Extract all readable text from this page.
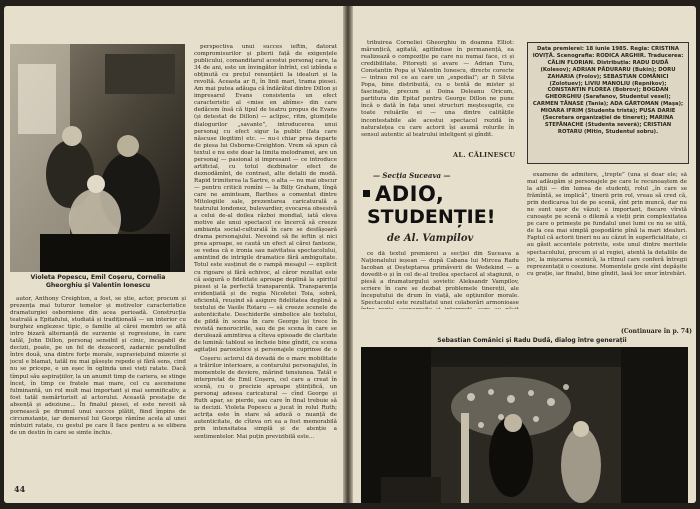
Violeta Popescu, Emil Coșeru, Cornelia Gheorghiu și Valentin Ionescu

perspectiva unui succes ieftin, datorat compromisurilor și plierii față de exigențele publicului, comanditarul acestui personaj care, la 34 de ani, este un învingător înfrînt, cel izbînda e obținută cu prețul renunțării la idealuri și la revoltă. Aceasta ar fi, în linii mari, trama piesei. Am mai putea adăuga că îndărătul dintre Dillon și impresarul Evans consistenta un efect caracteristic al «mise en abîme» din care dedăcem însă că tipul de teatru propus de Evans (și detestat de Dillon) — aclipsc, ritm, glumițele dialogurilor „savante”, introducerea unui personaj cu efect sigur la public (fata care născuse ilegitim) etc. — nu-i chiar prea departe de piesa lui Osborne-Creighton. Vrem să spun că textul e nu este doar la limita melodramei, are un personaj — pasional și impresant — ce introduce artificial, cu totul dezbinator efect de deznodămînt, de contrast, alte detalii de modă. Rapid trimiterea la Sartre, o alta — nu mai obscur — pentru criticii romîni — la Billy Graham, lîngă care ne aminteam, Barthes a comentat dintre Mitologiile sale, prezentarea caricaturală a teatrului londonez, bulevardier, evocarea obsesivă a celui de-al doilea război mondial, iată eleva motive ale unui spectacol ce încercă să creeze ambianța social-culturală în care se desfășoară drama personajului. Nevoind să fie ieftin și nici prea aproape, se caută un efect al cărei fantezie, se vedea că e ironia sau naivitatea spectacolului, amintind de intrigile dramatice fără ambiguitate. Totul este susținut de o rampă mesajul — explicit cu rigoare și fără echivoc, al căror rezultat este că asigură o fidelitate aproape deplină la spiritul piesei și la perfectă transparență. Transparența evidențiată și de regia Nicoletei Toia, sobră, eficientă, reușind să asigure fidelitatea deplină a textului de Vasile Rotaru — să creeze scenele de autenticitate. Deschiderile simbolice ale textului, de pildă în scena în care George își trece în revistă nenorocirile, sau de pe scena în care se derulează amintirea a cîteva episoade de claritate de lumină: tabloul se încheie bine gîndit, cu scena agitației paroxistice și personajele cuprinse de o

autor, Anthony Creighton, a fost, se știe, actor, procum și prezența mai tuturor temelor și motivelor caracteristice dramaturgiei osborniene din acea perioadă. Construcția teatrală a Epitafului, studiată și tradițională — un interior cu burghez englezesc tipic, o familie al cărei membri se află intro bizară alternanță de surzenie și regresiune, în care tatăl, John Dillon, personaj sensibil și cinic, incapabil de decizii, poate, pe un fel de dezacord, zadarnic pendulînd între două, una dintre forțe morale, supraviețuind mizerie și jocul e blamat, tatăl nu mai găsește repede și fără sens, cind nu se pricepe, e un eșec în oglinda unei vieți ratate. Dacă tîmpul său aspirațiilor, la un anumit timp de cariera, se stinge încet, în timp ce fratele mai mare, cel cu ascensiune fulminantă, un rol mult mai important și mai semnificativ, a fost tatăl nemărturisit al actorului. Această prestație de absență și adeziune... În finalul piesei, el este nevoit să pornească pe drumul unui succes plătit, fiind împins de circumstanțe, iar demersul lui George rămîne acela al unei mîntuiri ratate, cu gestul pe care îl face pentru a se elibera de un destin în care se simte închis.

Coșeru: actorul dă dovadă de o mare mobilitate a trăirilor interioare, a conturului personajului, în momentele de deviere, mărind tensiunea. Tatăl e interpretat de Emil Coșeru, cel care a creat în scenă, cu o precizie aproape științifică, un personaj adesea caricatural — cînd George și Ruth apar, se pierde, sau care în final trebuie să ia decizii. Violeta Popescu a jucat în rolul Ruth; actrița este în stare să aducă o nuanță de autenticitate, de cîteva ori ea a fost memorabilă prin intensitatea simplă și de atenție a sentimentelor. Mai puțin previzibilă este...

44

tribuirea Corneliei Gheorghiu în doamna Elliot: mărunțică, agitată, agitînduse în permanență, ea realizează o compoziție pe care nu numai face, ci și credibilitate. Pitorești și avare — Adrian Tura, Constantin Popa și Valentin Ionescu, directe corecte — intrau rol ce au care un „expedial”; ar fi Silvia Popa, bine distribuită, cu o tentă de mister și fascinație, precum și Doina Deleanu Oricum, partitura din Epitaf pentru George Dillon ne pune încă o dată în fața unei structuri meșteșugite, cu toate reluările ei — una dintre calitățile incontestabile ale acestui spectacol rezidă în naturalețea cu care actorii își asumă rolurile în sensul autentic al teatrului inteligent și gîndit.

AL. CĂLINESCU

Data premierei: 18 iunie 1985. Regia: CRISTINA IOVIȚĂ. Scenografia: RODICA ARGHIR. Traducerea: CĂLIN FLORIAN. Distribuția: RADU DUDĂ (Kolesov); ADRIAN PĂDURARU (Bukin); DORU ZAHARIA (Frolov); SEBASTIAN COMĂNICI (Zolotuev); LIVIU MANOLIU (Repnikov); CONSTANTIN FLOREA (Bobrov); BOGDAN GHEORGHIU (Sarafanov, Studentul vesel); CARMEN TĂNASE (Tania); ADA GÂRTOMAN (Maşa); MIOARA IFRIM (Studenta tristă); PUSA DARIE (Secretara organizației de tineret); MARINA STEFĂNACHE (Studenta severă); CRISTIAN ROTARU (Mitin, Studentul sobru).

— Secția Suceava —
ADIO,
STUDENȚIE!
de Al. Vampilov

ce dă textul premierei a secției din Suceava a Naționalului ieșean — după Cabana lui Mircea Radu Iacoban și Deșteptarea primăverii de Wedekind — a dovedit-o și în cel de-al treilea spectacol al stagiunii, o piesă a dramaturgului sovietic Aleksandr Vampilov, scriere în care se dezbat problemele tinereții, ale începutului de drum în viață, ale opțiunilor morale. Spectacolul este rezultatul unei colaborări armonioase

examene de admitere, „trepte” (una și doar ele; să mai adăugăm și personajele pe care le recunoaștem de la alții — din lumea de studenți, rolul „în care se frămîntă, se implică”, tinerii prin rol, vreau să cred că, prin dedicarea lui de pe scenă, sînt prin muncă, dar nu ne sunt ușor de văzut; e important, fiecare vîrstă cunoaște pe scenă o dilemă a vieții prin complexitatea pe care o primește pe fundalul unei lumi ce nu se uită, de la cea mai simplă gospodărie pînă la mari idealuri. Faptul că actorii tineri nu au căzut în superficialitate, ci au găsit accentele potrivite, este unul dintre meritele spectacolului, precum și al regiei, atentă la detaliile de joc, la mișcarea scenică, la ritmul care conferă întregii reprezentații o coeziune. Momentele grele sînt depășite cu grație, iar finalul, bine gîndit, lasă loc unor întrebări.

(Continuare în p. 74)
Sebastian Comănici și Radu Dudă, dialog între generații
